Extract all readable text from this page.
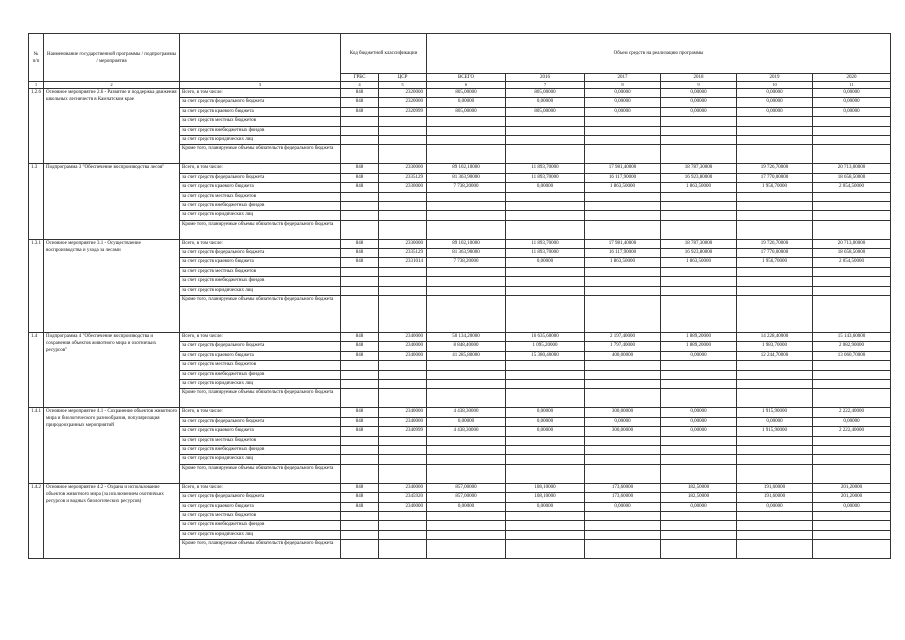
№ п/п	Наименование государственной программы / подпрограммы / мероприятия		Код бюджетной классификации		Объем средств на реализацию программы					
			ГРБС	ЦСР	ВСЕГО	2016	2017	2018	2019	2020
1	2	3	4	5	6	7	8	9	10	11
1.2.6	Основное мероприятие 2.6 - Развитие и поддержка движения школьных лесничеств в Камчатском крае	Всего, в том числе:	848	2320000	805,00000	805,00000	0,00000	0,00000	0,00000	0,00000
		за счет средств федерального бюджета	848	2320000	0,00000	0,00000	0,00000	0,00000	0,00000	0,00000
		за счет средств краевого бюджета	848	2320999	805,00000	805,00000	0,00000	0,00000	0,00000	0,00000
		за счет средств местных бюджетов								
		за счет средств внебюджетных фондов								
		за счет средств юридических лиц								
		Кроме того, планируемые объемы обязательств федерального бюджета								
1.3	Подпрограмма 3 "Обеспечение воспроизводства лесов"	Всего, в том числе:	848	2330000	89 102,10000	11 893,70000	17 981,40000	18 787,30000	19 726,70000	20 713,00000
		за счет средств федерального бюджета	848	2335129	81 363,90000	11 893,70000	16 117,90000	16 923,80000	17 770,00000	18 658,50000
		за счет средств краевого бюджета	848	2330000	7 738,20000	0,00000	1 863,50000	1 863,50000	1 956,70000	2 054,50000
		за счет средств местных бюджетов								
		за счет средств внебюджетных фондов								
		за счет средств юридических лиц								
		Кроме того, планируемые объемы обязательств федерального бюджета								
1.3.1	Основное мероприятие 3.1 - Осуществление воспроизводства и ухода за лесами	Всего, в том числе:	848	2330000	89 102,10000	11 893,70000	17 981,40000	18 787,30000	19 726,70000	20 713,00000
		за счет средств федерального бюджета	848	2335129	81 363,90000	11 893,70000	16 117,90000	16 923,80000	17 770,00000	18 658,50000
		за счет средств краевого бюджета	848	2331014	7 738,20000	0,00000	1 863,50000	1 863,50000	1 956,70000	2 054,50000
		за счет средств местных бюджетов								
		за счет средств внебюджетных фондов								
		за счет средств юридических лиц								
		Кроме того, планируемые объемы обязательств федерального бюджета								
1.4	Подпрограмма 4 "Обеспечение воспроизводства и сохранения объектов животного мира и охотничьих ресурсов"	Всего, в том числе:	848	2340000	50 134,20000	16 635,60000	2 197,40000	1 889,20000	14 228,40000	15 143,60000
		за счет средств федерального бюджета	848	2340000	8 848,40000	1 095,20000	1 797,40000	1 889,20000	1 983,70000	2 082,90000
		за счет средств краевого бюджета	848	2340000	41 285,80000	15 380,40000	400,00000	0,00000	12 244,70000	13 060,70000
		за счет средств местных бюджетов								
		за счет средств внебюджетных фондов								
		за счет средств юридических лиц								
		Кроме того, планируемые объемы обязательств федерального бюджета								
1.4.1	Основное мероприятие 4.1 - Сохранение объектов животного мира и биологического разнообразия, популяризация природоохранных мероприятий	Всего, в том числе:	848	2340000	4 438,30000	0,00000	300,00000	0,00000	1 915,90000	2 222,40000
		за счет средств федерального бюджета	848	2340000	0,00000	0,00000	0,00000	0,00000	0,00000	0,00000
		за счет средств краевого бюджета	848	2340999	4 438,30000	0,00000	300,00000	0,00000	1 915,90000	2 222,40000
		за счет средств местных бюджетов								
		за счет средств внебюджетных фондов								
		за счет средств юридических лиц								
		Кроме того, планируемые объемы обязательств федерального бюджета								
1.4.2	Основное мероприятие 4.2 - Охрана и использование объектов животного мира (за исключением охотничьих ресурсов и водных биологических ресурсов)	Всего, в том числе:	848	2340000	857,00000	108,10000	173,60000	182,50000	191,60000	201,20000
		за счет средств федерального бюджета	848	2345920	857,00000	108,10000	173,60000	182,50000	191,60000	201,20000
		за счет средств краевого бюджета	848	2340000	0,00000	0,00000	0,00000	0,00000	0,00000	0,00000
		за счет средств местных бюджетов								
		за счет средств внебюджетных фондов								
		за счет средств юридических лиц								
		Кроме того, планируемые объемы обязательств федерального бюджета								
